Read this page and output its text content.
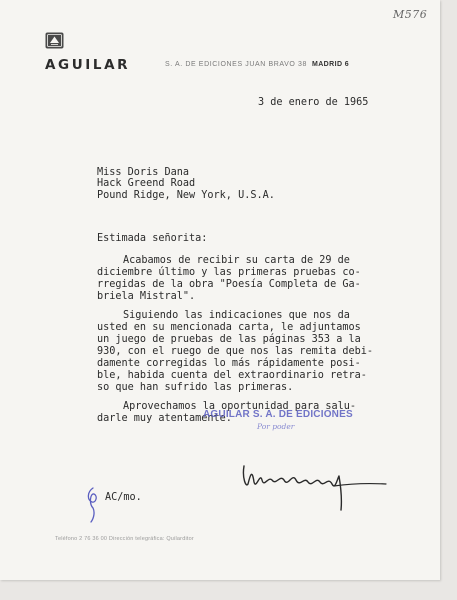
M576
AGUILAR	S. A. DE EDICIONES JUAN BRAVO 38 MADRID 6

3 de enero de 1965

Miss Doris Dana

Hack Greend Road

Pound Ridge, New York, U.S.A.

Estimada señorita:

Acabamos de recibir su carta de 29 de

diciembre último y las primeras pruebas co-

rregidas de la obra "Poesía Completa de Ga-

briela Mistral".

Siguiendo las indicaciones que nos da

usted en su mencionada carta, le adjuntamos

un juego de pruebas de las páginas 353 a la

930, con el ruego de que nos las remita debi-

damente corregidas lo más rápidamente posi-

ble, habida cuenta del extraordinario retra-

so que han sufrido las primeras.

Aprovechamos la oportunidad para salu-

darle muy atentamente.

AGUILAR S. A. DE EDICIONES
Por poder

AC/mo.

Teléfono 2 76 36 00 Dirección telegráfica: Quilarditor
